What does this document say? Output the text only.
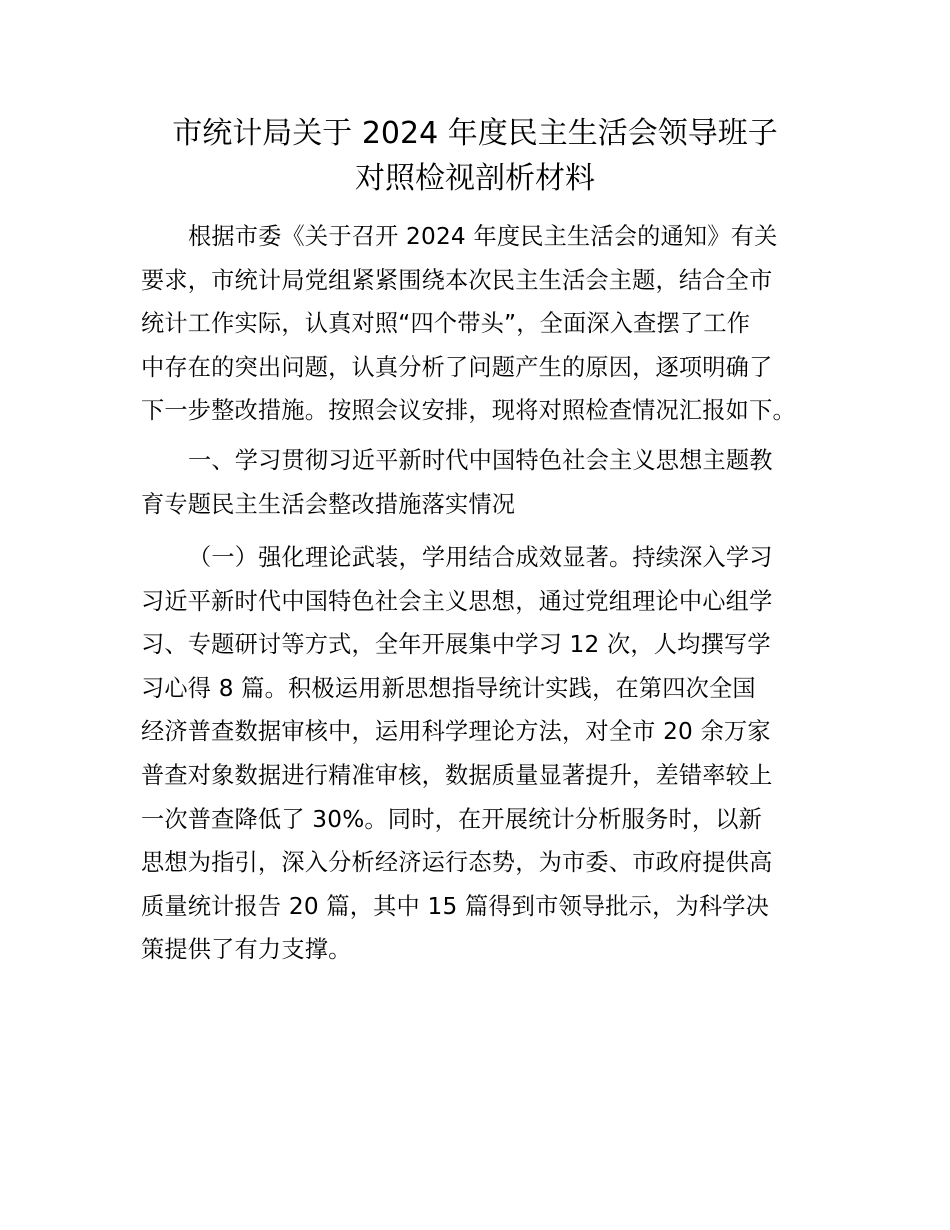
市统计局关于 2024 年度民主生活会领导班子
对照检视剖析材料
根据市委《关于召开 2024 年度民主生活会的通知》有关
要求，市统计局党组紧紧围绕本次民主生活会主题，结合全市
统计工作实际，认真对照“四个带头”，全面深入查摆了工作
中存在的突出问题，认真分析了问题产生的原因，逐项明确了
下一步整改措施。按照会议安排，现将对照检查情况汇报如下。
一、学习贯彻习近平新时代中国特色社会主义思想主题教
育专题民主生活会整改措施落实情况
（一）强化理论武装，学用结合成效显著。持续深入学习
习近平新时代中国特色社会主义思想，通过党组理论中心组学
习、专题研讨等方式，全年开展集中学习 12 次，人均撰写学
习心得 8 篇。积极运用新思想指导统计实践，在第四次全国
经济普查数据审核中，运用科学理论方法，对全市 20 余万家
普查对象数据进行精准审核，数据质量显著提升，差错率较上
一次普查降低了 30%。同时，在开展统计分析服务时，以新
思想为指引，深入分析经济运行态势，为市委、市政府提供高
质量统计报告 20 篇，其中 15 篇得到市领导批示，为科学决
策提供了有力支撑。
